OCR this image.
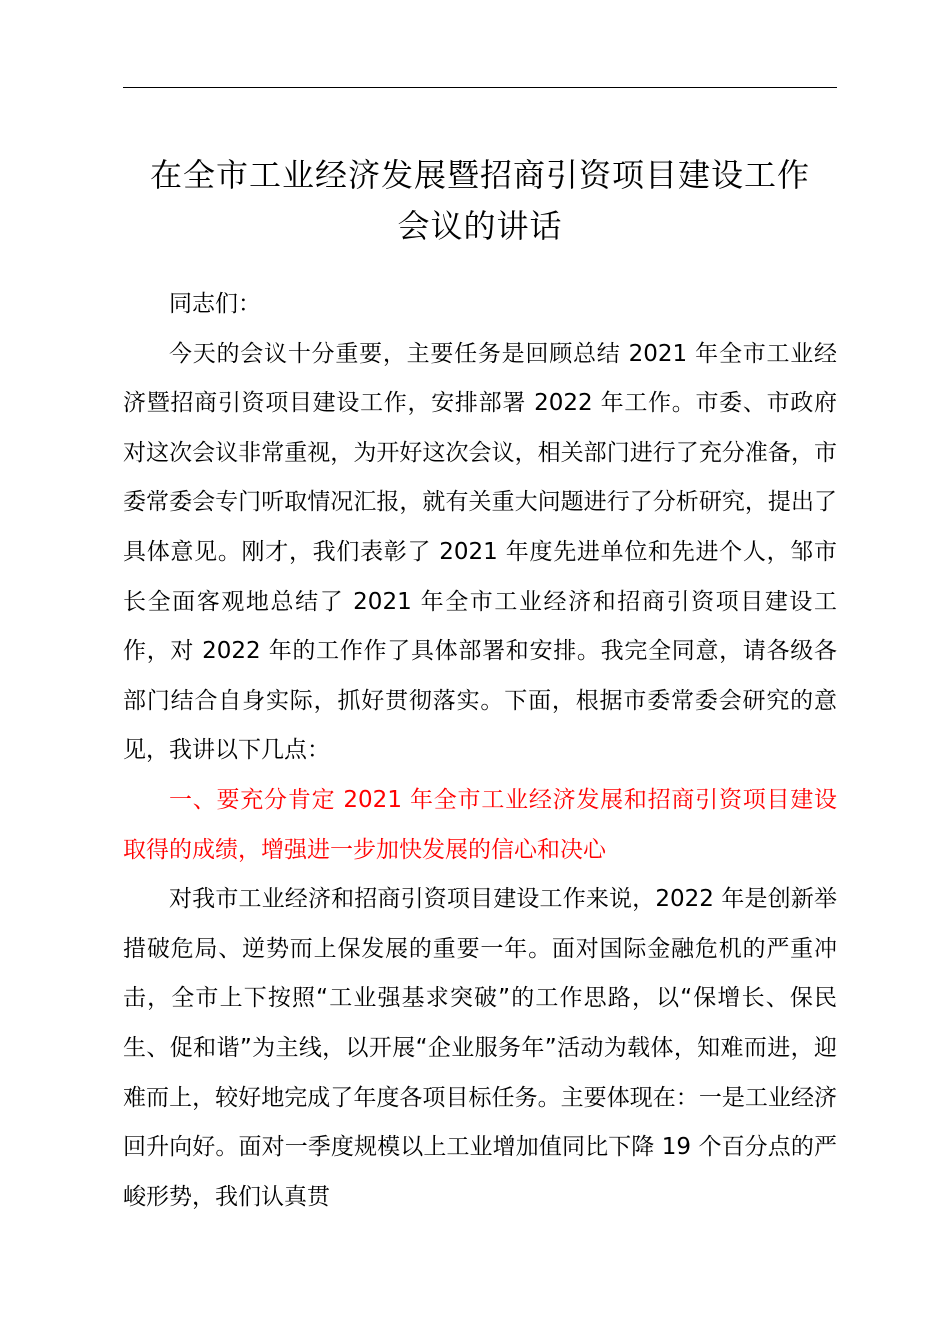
在全市工业经济发展暨招商引资项目建设工作
会议的讲话

同志们：

今天的会议十分重要，主要任务是回顾总结 2021 年全市工业经济暨招商引资项目建设工作，安排部署 2022 年工作。市委、市政府对这次会议非常重视，为开好这次会议，相关部门进行了充分准备，市委常委会专门听取情况汇报，就有关重大问题进行了分析研究，提出了具体意见。刚才，我们表彰了 2021 年度先进单位和先进个人，邹市长全面客观地总结了 2021 年全市工业经济和招商引资项目建设工作，对 2022 年的工作作了具体部署和安排。我完全同意，请各级各部门结合自身实际，抓好贯彻落实。下面，根据市委常委会研究的意见，我讲以下几点：

一、要充分肯定 2021 年全市工业经济发展和招商引资项目建设取得的成绩，增强进一步加快发展的信心和决心

对我市工业经济和招商引资项目建设工作来说，2022 年是创新举措破危局、逆势而上保发展的重要一年。面对国际金融危机的严重冲击，全市上下按照“工业强基求突破”的工作思路，以“保增长、保民生、促和谐”为主线，以开展“企业服务年”活动为载体，知难而进，迎难而上，较好地完成了年度各项目标任务。主要体现在：一是工业经济回升向好。面对一季度规模以上工业增加值同比下降 19 个百分点的严峻形势，我们认真贯
